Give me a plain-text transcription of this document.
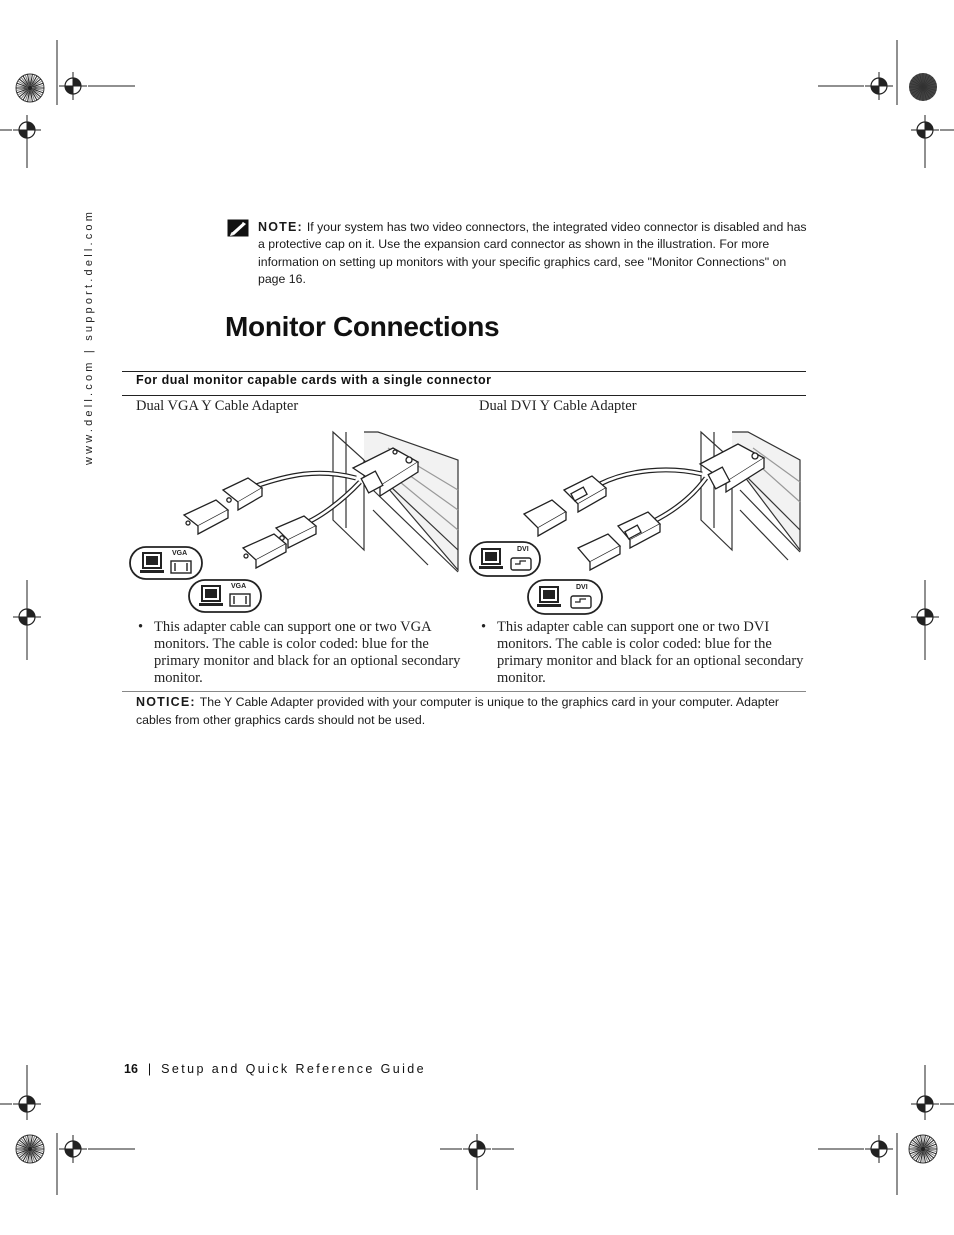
www.dell.com | support.dell.com	NOTE: If your system has two video connectors, the integrated video connector is disabled and has a protective cap on it. Use the expansion card connector as shown in the illustration. For more information on setting up monitors with your specific graphics card, see "Monitor Connections" on page 16.
Monitor Connections
For dual monitor capable cards with a single connector
Dual VGA Y Cable Adapter	Dual DVI Y Cable Adapter
VGA
VGA
DVI
DVI
• This adapter cable can support one or two VGA monitors. The cable is color coded: blue for the primary monitor and black for an optional secondary monitor.
• This adapter cable can support one or two DVI monitors. The cable is color coded: blue for the primary monitor and black for an optional secondary monitor.
NOTICE: The Y Cable Adapter provided with your computer is unique to the graphics card in your computer. Adapter cables from other graphics cards should not be used.
16 | Setup and Quick Reference Guide
